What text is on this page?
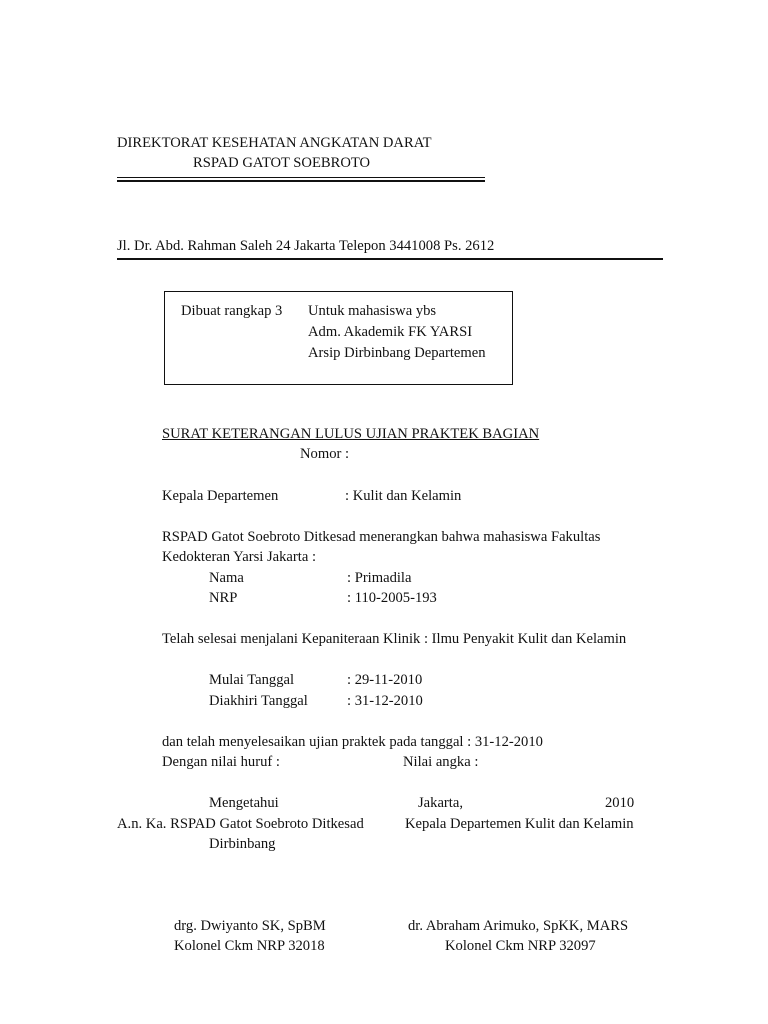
DIREKTORAT KESEHATAN ANGKATAN DARAT
RSPAD GATOT SOEBROTO
Jl. Dr. Abd. Rahman Saleh 24 Jakarta Telepon 3441008 Ps. 2612
Dibuat rangkap 3 Untuk mahasiswa ybs
Adm. Akademik FK YARSI
Arsip Dirbinbang Departemen
SURAT KETERANGAN LULUS UJIAN PRAKTEK BAGIAN
Nomor :
Kepala Departemen	: Kulit dan Kelamin
RSPAD Gatot Soebroto Ditkesad menerangkan bahwa mahasiswa Fakultas
Kedokteran Yarsi Jakarta :
Nama	: Primadila
NRP	: 110-2005-193
Telah selesai menjalani Kepaniteraan Klinik : Ilmu Penyakit Kulit dan Kelamin
Mulai Tanggal	: 29-11-2010
Diakhiri Tanggal	: 31-12-2010
dan telah menyelesaikan ujian praktek pada tanggal : 31-12-2010
Dengan nilai huruf :	Nilai angka :
Mengetahui	Jakarta,	2010
A.n. Ka. RSPAD Gatot Soebroto Ditkesad	Kepala Departemen Kulit dan Kelamin
Dirbinbang
drg. Dwiyanto SK, SpBM	dr. Abraham Arimuko, SpKK, MARS
Kolonel Ckm NRP 32018	Kolonel Ckm NRP 32097
